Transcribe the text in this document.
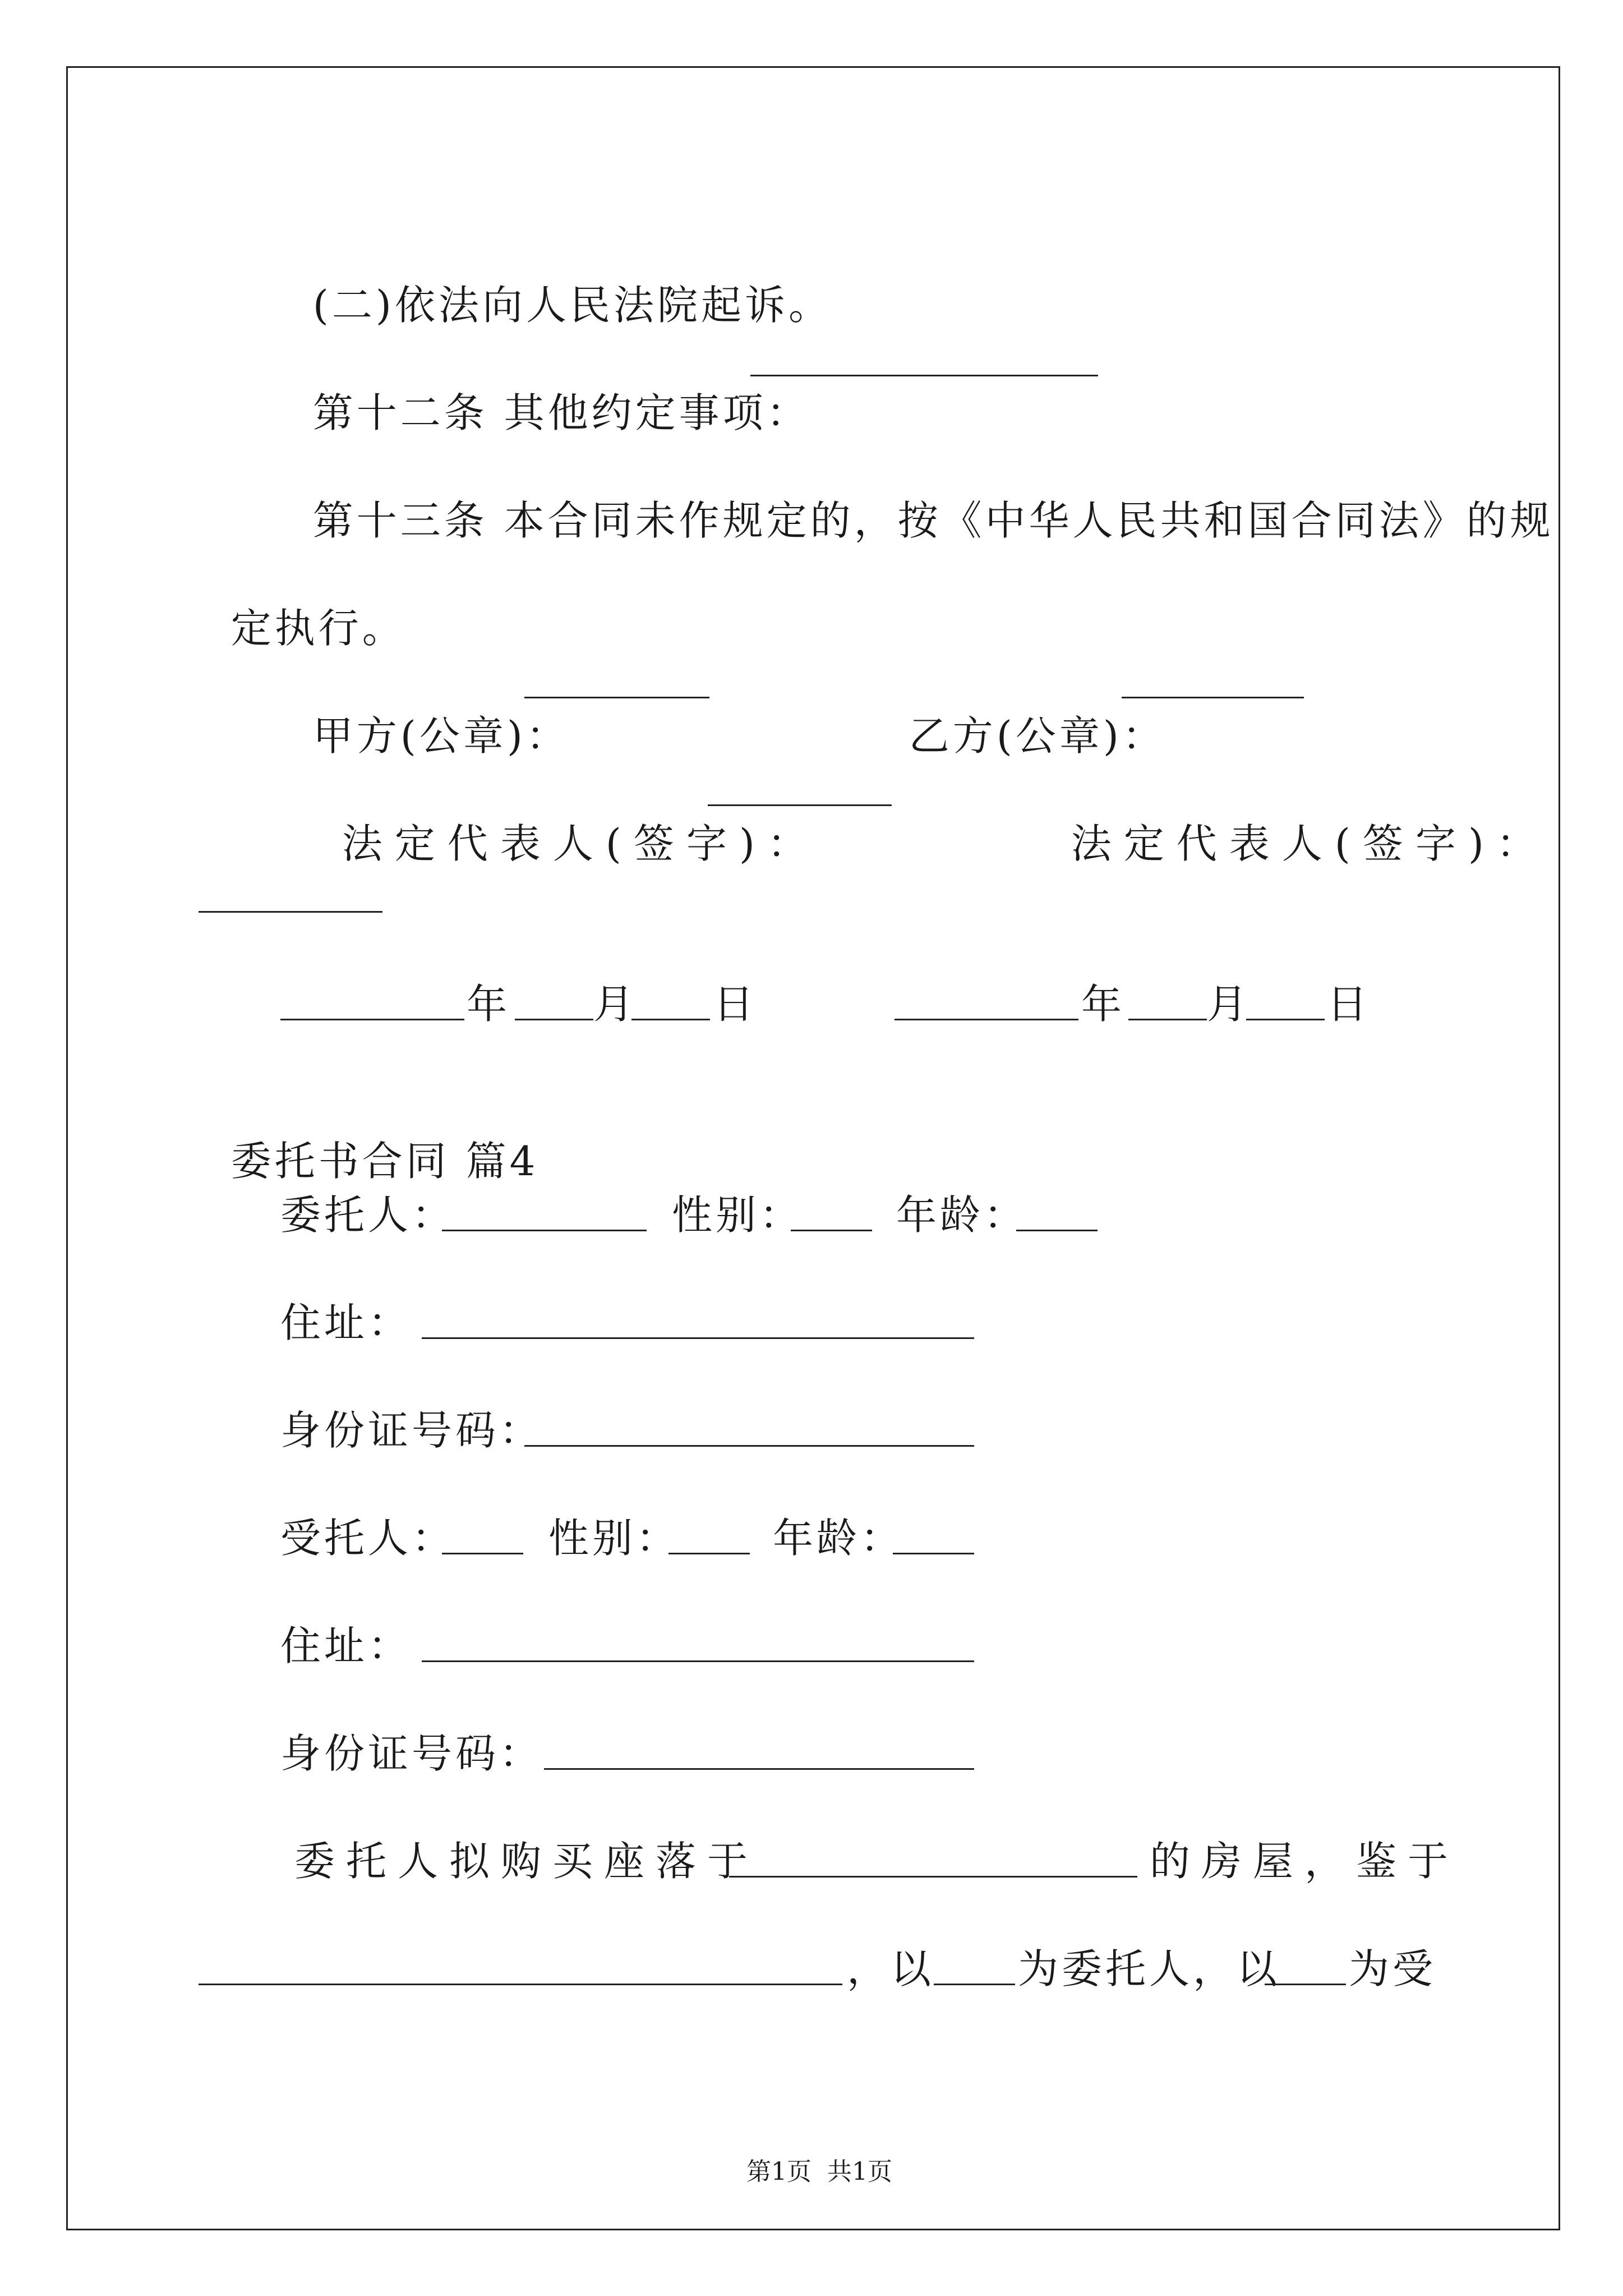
(二)依法向人民法院起诉。

第十二条 其他约定事项：

第十三条 本合同未作规定的，按《中华人民共和国合同法》的规

定执行。

甲方(公章)：	乙方(公章)：

法定代表人(签字)：	法定代表人(签字)：

年 月 日	年 月 日

委托书合同 篇4

委托人：	性别： 年龄：
住址：
身份证号码：
受托人： 性别： 年龄：
住址：
身份证号码：
委托人拟购买座落于	的房屋，鉴于
，以 为委托人，以 为受

第1页  共1页
